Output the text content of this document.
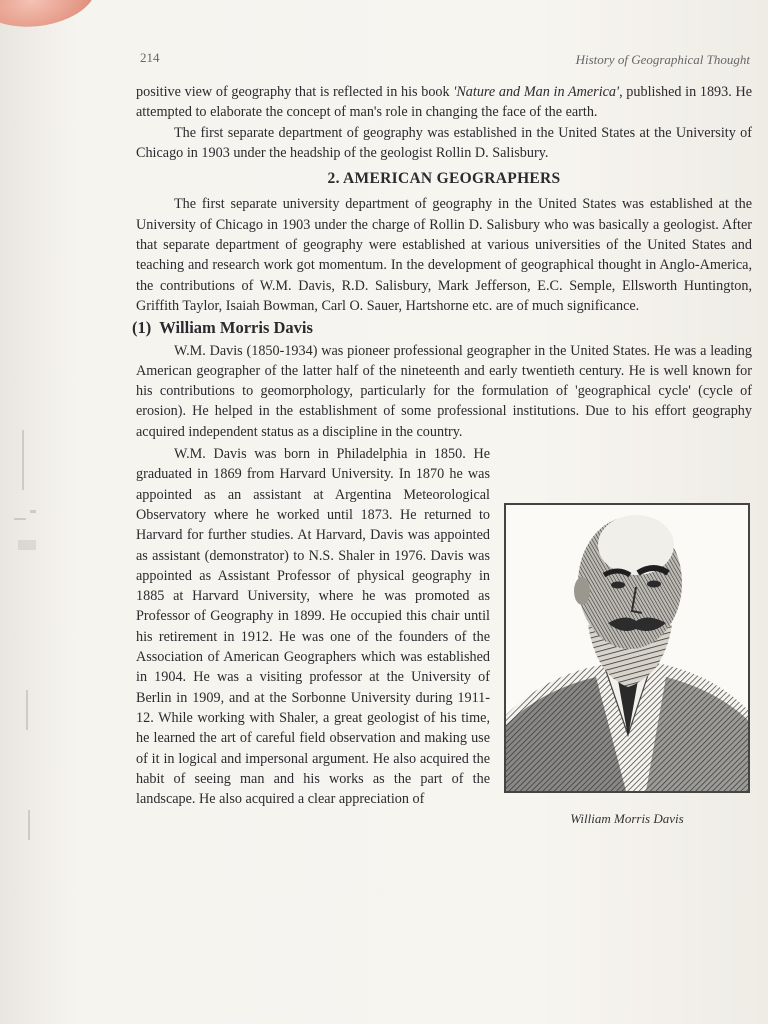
214	History of Geographical Thought

positive view of geography that is reflected in his book 'Nature and Man in America', published in 1893. He attempted to elaborate the concept of man's role in changing the face of the earth.

The first separate department of geography was established in the United States at the University of Chicago in 1903 under the headship of the geologist Rollin D. Salisbury.

2. AMERICAN GEOGRAPHERS

The first separate university department of geography in the United States was established at the University of Chicago in 1903 under the charge of Rollin D. Salisbury who was basically a geologist. After that separate department of geography were established at various universities of the United States and teaching and research work got momentum. In the development of geographical thought in Anglo-America, the contributions of W.M. Davis, R.D. Salisbury, Mark Jefferson, E.C. Semple, Ellsworth Huntington, Griffith Taylor, Isaiah Bowman, Carl O. Sauer, Hartshorne etc. are of much significance.

(1) William Morris Davis

W.M. Davis (1850-1934) was pioneer professional geographer in the United States. He was a leading American geographer of the latter half of the nineteenth and early twentieth century. He is well known for his contributions to geomorphology, particularly for the formulation of 'geographical cycle' (cycle of erosion). He helped in the establishment of some professional institutions. Due to his effort geography acquired independent status as a discipline in the country.

William Morris Davis

W.M. Davis was born in Philadelphia in 1850. He graduated in 1869 from Harvard University. In 1870 he was appointed as an assistant at Argentina Meteorological Observatory where he worked until 1873. He returned to Harvard for further studies. At Harvard, Davis was appointed as assistant (demonstrator) to N.S. Shaler in 1976. Davis was appointed as Assistant Professor of physical geography in 1885 at Harvard University, where he was promoted as Professor of Geography in 1899. He occupied this chair until his retirement in 1912. He was one of the founders of the Association of American Geographers which was established in 1904. He was a visiting professor at the University of Berlin in 1909, and at the Sorbonne University during 1911-12. While working with Shaler, a great geologist of his time, he learned the art of careful field observation and making use of it in logical and impersonal argument. He also acquired the habit of seeing man and his works as the part of the landscape. He also acquired a clear appreciation of
